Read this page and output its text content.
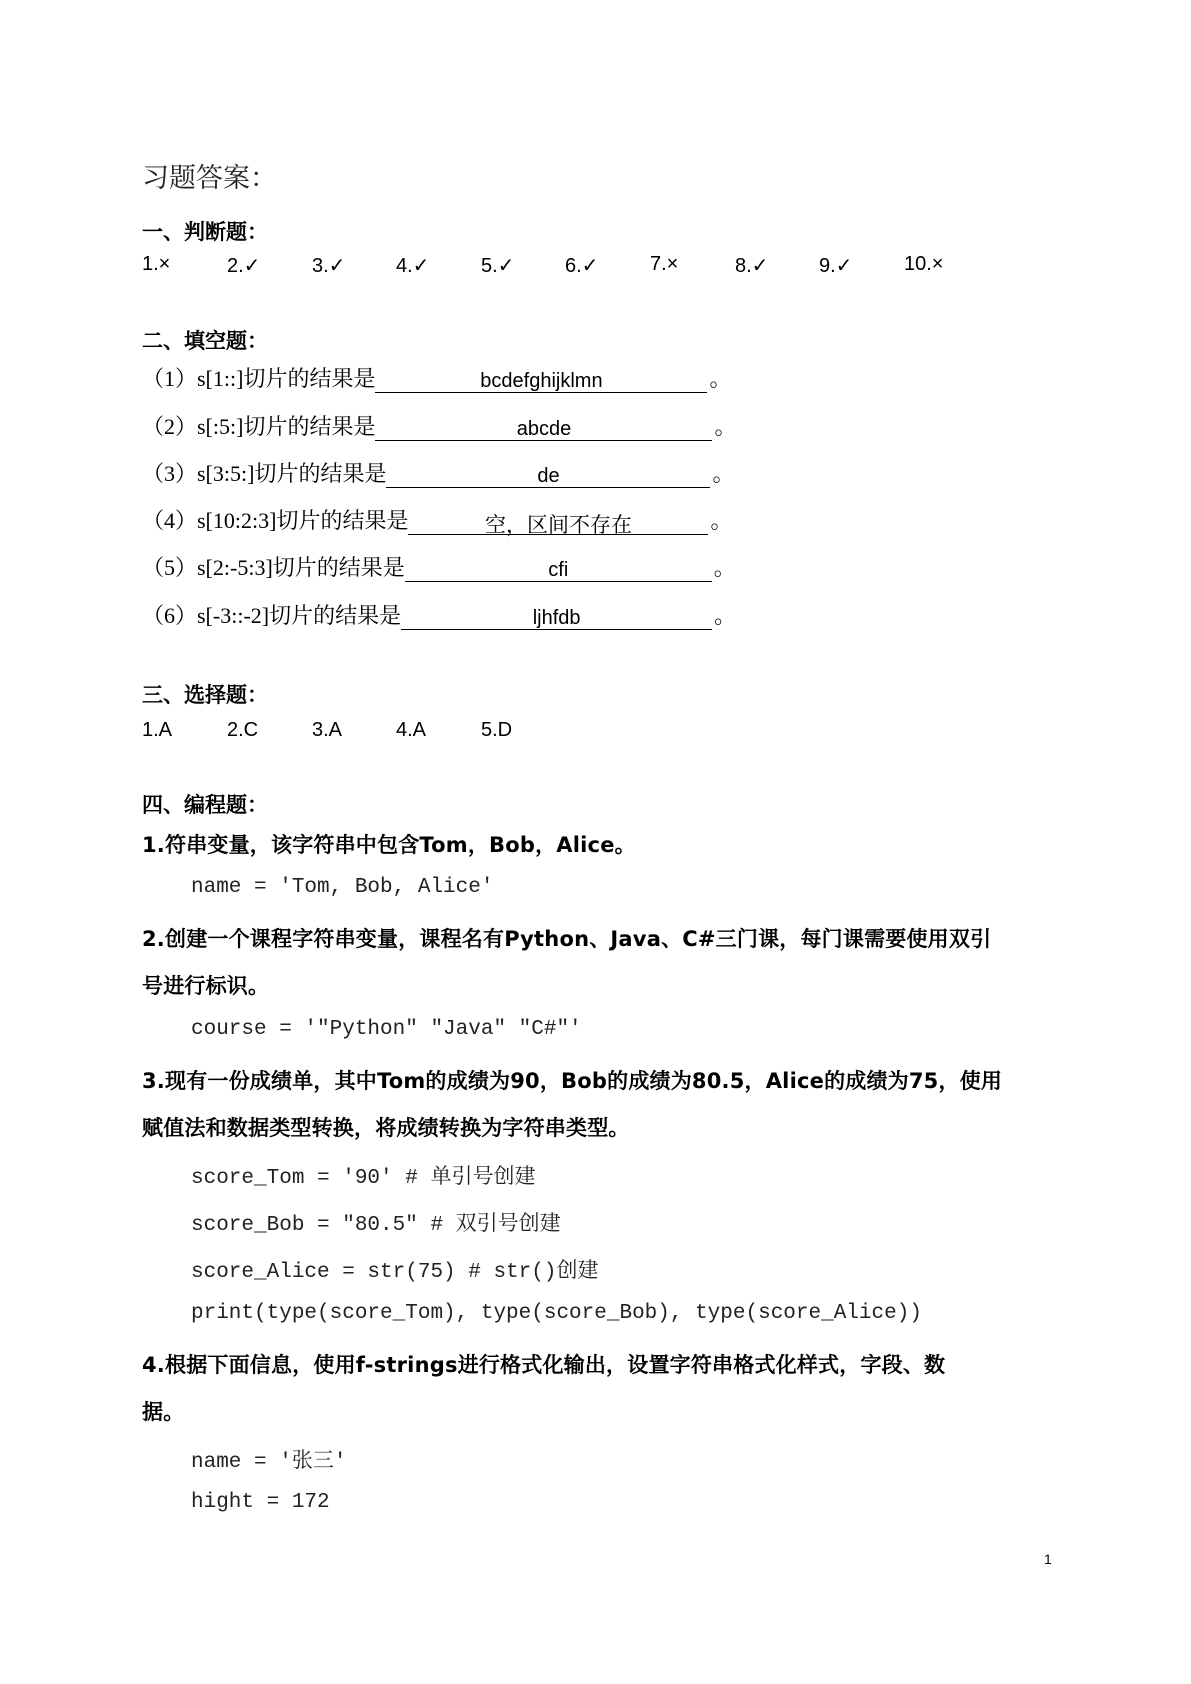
习题答案：
一、判断题：
1.×	2.✓	3.✓	4.✓	5.✓	6.✓	7.×	8.✓	9.✓	10.×
二、填空题：
（1）s[1::]切片的结果是	bcdefghijklmn	。
（2）s[:5:]切片的结果是	abcde	。
（3）s[3:5:]切片的结果是	de	。
（4）s[10:2:3]切片的结果是	空，区间不存在	。
（5）s[2:-5:3]切片的结果是	cfi	。
（6）s[-3::-2]切片的结果是	ljhfdb	。
三、选择题：
1.A	2.C	3.A	4.A	5.D
四、编程题：
1.符串变量，该字符串中包含Tom，Bob，Alice。
name = 'Tom, Bob, Alice'
2.创建一个课程字符串变量，课程名有Python、Java、C#三门课，每门课需要使用双引
号进行标识。
course = '"Python" "Java" "C#"'
3.现有一份成绩单，其中Tom的成绩为90，Bob的成绩为80.5，Alice的成绩为75，使用
赋值法和数据类型转换，将成绩转换为字符串类型。
score_Tom = '90' # 单引号创建
score_Bob = "80.5" # 双引号创建
score_Alice = str(75) # str()创建
print(type(score_Tom), type(score_Bob), type(score_Alice))
4.根据下面信息，使用f-strings进行格式化输出，设置字符串格式化样式，字段、数
据。
name = '张三'
hight = 172
1
